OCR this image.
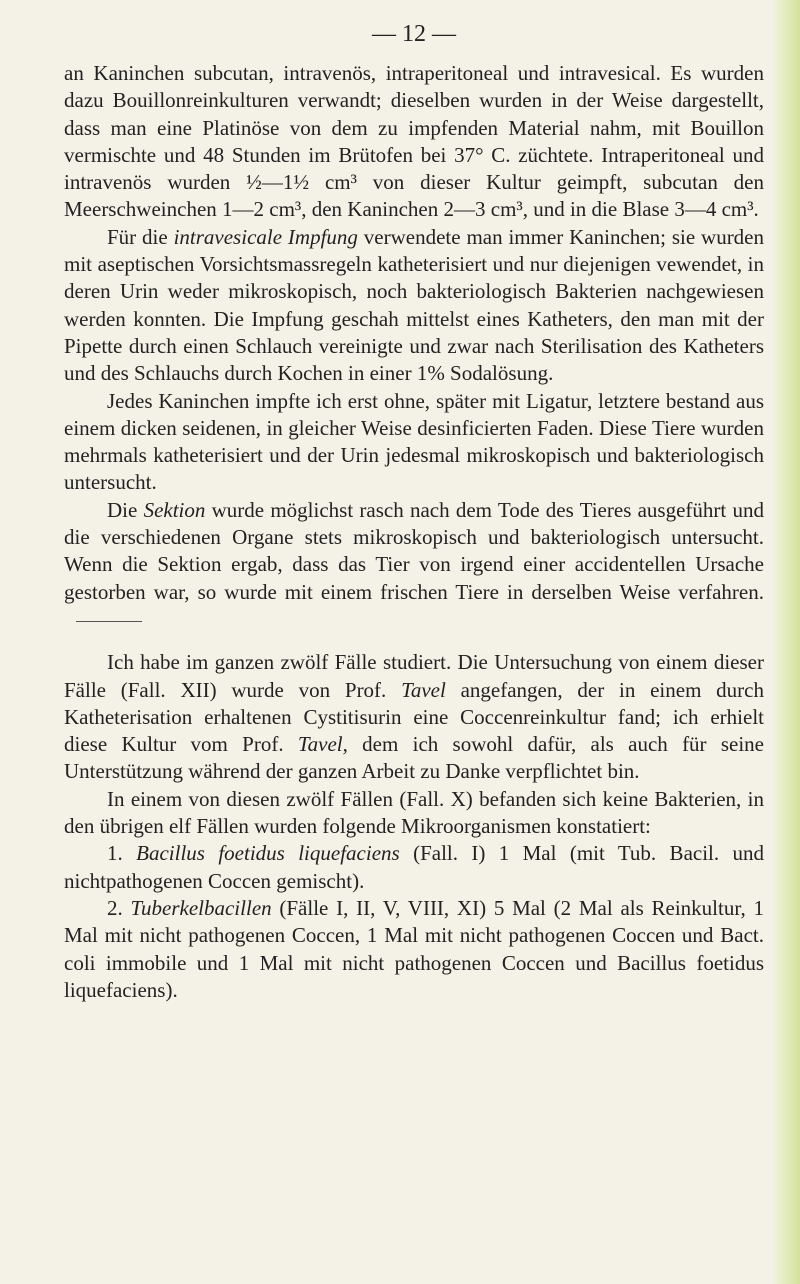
— 12 —

an Kaninchen subcutan, intravenös, intraperitoneal und intravesical. Es wurden dazu Bouillonreinkulturen verwandt; dieselben wurden in der Weise dargestellt, dass man eine Platinöse von dem zu impfenden Material nahm, mit Bouillon vermischte und 48 Stunden im Brütofen bei 37° C. züchtete. Intraperitoneal und intravenös wurden ½—1½ cm³ von dieser Kultur geimpft, subcutan den Meerschweinchen 1—2 cm³, den Kaninchen 2—3 cm³, und in die Blase 3—4 cm³.

Für die intravesicale Impfung verwendete man immer Kaninchen; sie wurden mit aseptischen Vorsichtsmassregeln katheterisiert und nur diejenigen vewendet, in deren Urin weder mikroskopisch, noch bakteriologisch Bakterien nachgewiesen werden konnten. Die Impfung geschah mittelst eines Katheters, den man mit der Pipette durch einen Schlauch vereinigte und zwar nach Sterilisation des Katheters und des Schlauchs durch Kochen in einer 1% Sodalösung.

Jedes Kaninchen impfte ich erst ohne, später mit Ligatur, letztere bestand aus einem dicken seidenen, in gleicher Weise desinficierten Faden. Diese Tiere wurden mehrmals katheterisiert und der Urin jedesmal mikroskopisch und bakteriologisch untersucht.

Die Sektion wurde möglichst rasch nach dem Tode des Tieres ausgeführt und die verschiedenen Organe stets mikroskopisch und bakteriologisch untersucht. Wenn die Sektion ergab, dass das Tier von irgend einer accidentellen Ursache gestorben war, so wurde mit einem frischen Tiere in derselben Weise verfahren.

Ich habe im ganzen zwölf Fälle studiert. Die Untersuchung von einem dieser Fälle (Fall. XII) wurde von Prof. Tavel angefangen, der in einem durch Katheterisation erhaltenen Cystitisurin eine Coccenreinkultur fand; ich erhielt diese Kultur vom Prof. Tavel, dem ich sowohl dafür, als auch für seine Unterstützung während der ganzen Arbeit zu Danke verpflichtet bin.

In einem von diesen zwölf Fällen (Fall. X) befanden sich keine Bakterien, in den übrigen elf Fällen wurden folgende Mikroorganismen konstatiert:

1. Bacillus foetidus liquefaciens (Fall. I) 1 Mal (mit Tub. Bacil. und nichtpathogenen Coccen gemischt).

2. Tuberkelbacillen (Fälle I, II, V, VIII, XI) 5 Mal (2 Mal als Reinkultur, 1 Mal mit nicht pathogenen Coccen, 1 Mal mit nicht pathogenen Coccen und Bact. coli immobile und 1 Mal mit nicht pathogenen Coccen und Bacillus foetidus liquefaciens).
